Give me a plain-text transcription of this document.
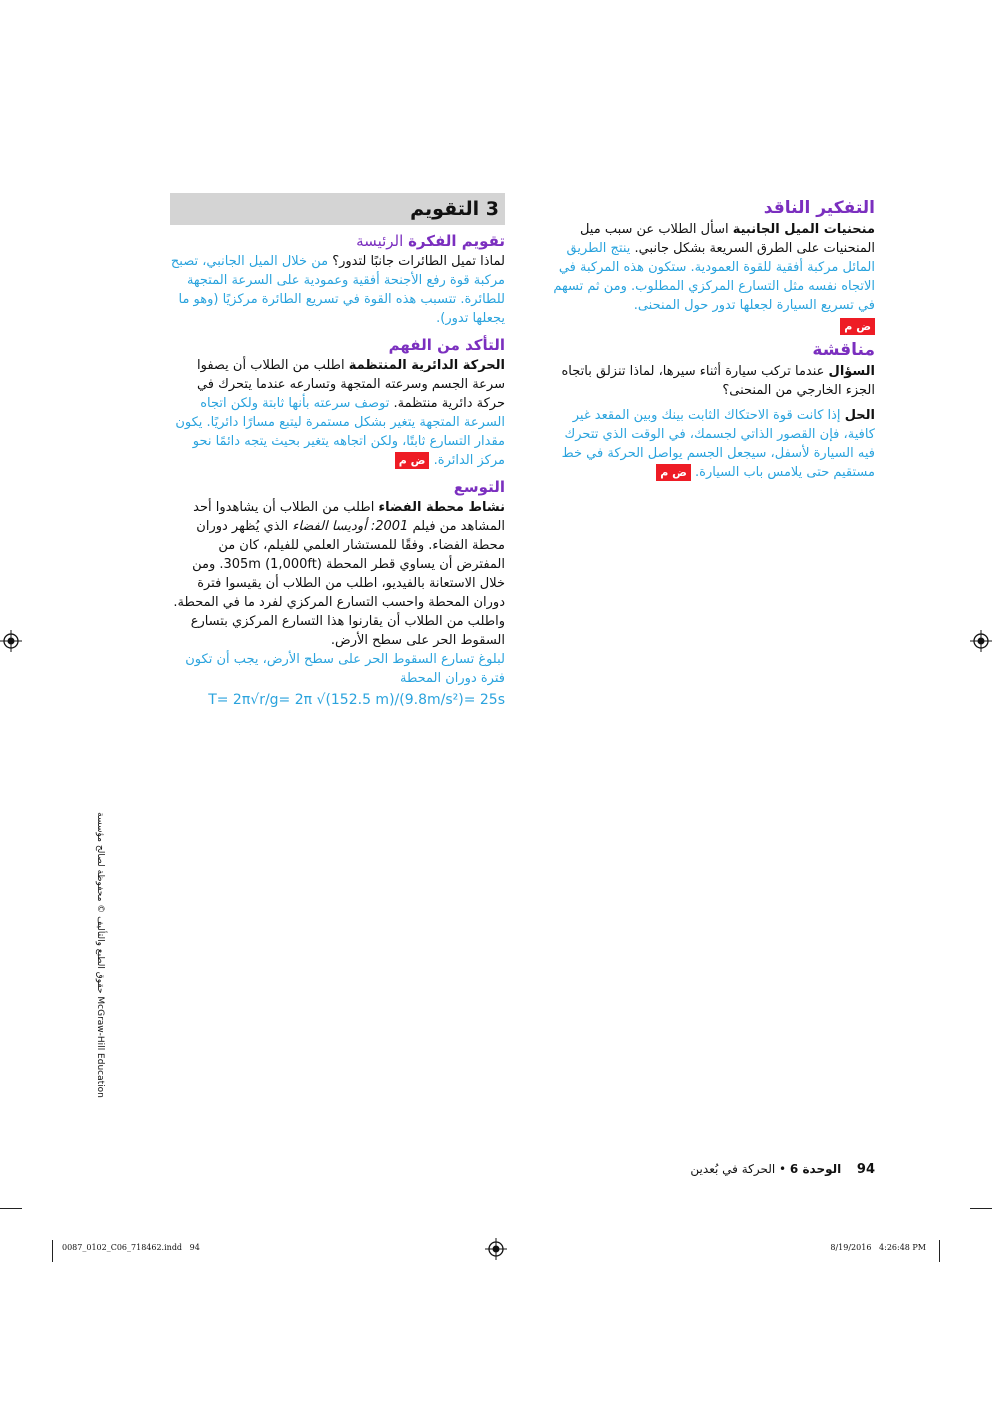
التفكير الناقد

منحنيات الميل الجانبية اسأل الطلاب عن سبب ميل المنحنيات على الطرق السريعة بشكل جانبي. ينتج الطريق المائل مركبة أفقية للقوة العمودية. ستكون هذه المركبة في الاتجاه نفسه مثل التسارع المركزي المطلوب. ومن ثم تسهم في تسريع السيارة لجعلها تدور حول المنحنى.

ض م
مناقشة

السؤال عندما تركب سيارة أثناء سيرها، لماذا تنزلق باتجاه الجزء الخارجي من المنحنى؟

الحل إذا كانت قوة الاحتكاك الثابت بينك وبين المقعد غير كافية، فإن القصور الذاتي لجسمك، في الوقت الذي تتحرك فيه السيارة لأسفل، سيجعل الجسم يواصل الحركة في خط مستقيم حتى يلامس باب السيارة. ض م

3 التقويم
تقويم الفكرة الرئيسة

لماذا تميل الطائرات جانبًا لتدور؟ من خلال الميل الجانبي، تصبح مركبة قوة رفع الأجنحة أفقية وعمودية على السرعة المتجهة للطائرة. تتسبب هذه القوة في تسريع الطائرة مركزيًا (وهو ما يجعلها تدور).

التأكد من الفهم

الحركة الدائرية المنتظمة اطلب من الطلاب أن يصفوا سرعة الجسم وسرعته المتجهة وتسارعه عندما يتحرك في حركة دائرية منتظمة. توصف سرعته بأنها ثابتة ولكن اتجاه السرعة المتجهة يتغير بشكل مستمرة ليتبع مسارًا دائريًا. يكون مقدار التسارع ثابتًا، ولكن اتجاهه يتغير بحيث يتجه دائمًا نحو مركز الدائرة. ض م

التوسع

نشاط محطة الفضاء اطلب من الطلاب أن يشاهدوا أحد المشاهد من فيلم 2001: أوديسا الفضاء الذي يُظهر دوران محطة الفضاء. وفقًا للمستشار العلمي للفيلم، كان من المفترض أن يساوي قطر المحطة 305m (1,000ft). ومن خلال الاستعانة بالفيديو، اطلب من الطلاب أن يقيسوا فترة دوران المحطة واحسب التسارع المركزي لفرد ما في المحطة. واطلب من الطلاب أن يقارنوا هذا التسارع المركزي بتسارع السقوط الحر على سطح الأرض.

لبلوغ تسارع السقوط الحر على سطح الأرض، يجب أن تكون فترة دوران المحطة

T= 2π√r/g= 2π √(152.5 m)/(9.8m/s²)= 25s
حقوق الطبع والتأليف © محفوظة لصالح مؤسسة McGraw-Hill Education
94  الوحدة 6 • الحركة في بُعدين
0087_0102_C06_718462.indd   94	8/19/2016   4:26:48 PM
